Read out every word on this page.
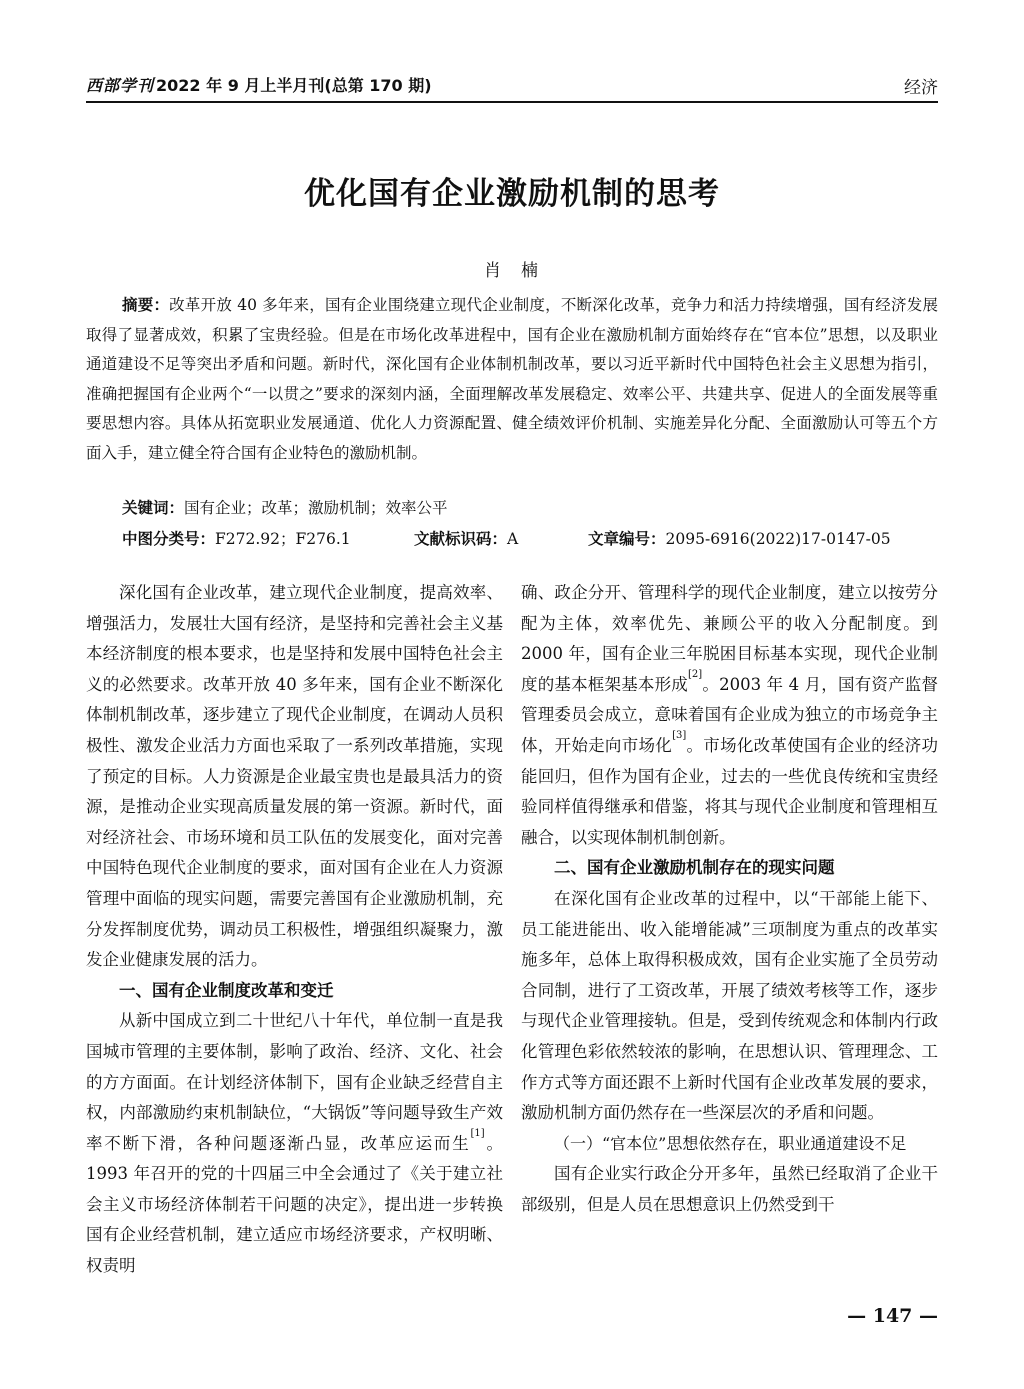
西部学刊 2022 年 9 月上半月刊(总第 170 期)	经济
优化国有企业激励机制的思考
肖楠
摘要：改革开放 40 多年来，国有企业围绕建立现代企业制度，不断深化改革，竞争力和活力持续增强，国有经济发展取得了显著成效，积累了宝贵经验。但是在市场化改革进程中，国有企业在激励机制方面始终存在“官本位”思想，以及职业通道建设不足等突出矛盾和问题。新时代，深化国有企业体制机制改革，要以习近平新时代中国特色社会主义思想为指引，准确把握国有企业两个“一以贯之”要求的深刻内涵，全面理解改革发展稳定、效率公平、共建共享、促进人的全面发展等重要思想内容。具体从拓宽职业发展通道、优化人力资源配置、健全绩效评价机制、实施差异化分配、全面激励认可等五个方面入手，建立健全符合国有企业特色的激励机制。
关键词：国有企业；改革；激励机制；效率公平
中图分类号：F272.92；F276.1	文献标识码：A	文章编号：2095-6916(2022)17-0147-05

深化国有企业改革，建立现代企业制度，提高效率、增强活力，发展壮大国有经济，是坚持和完善社会主义基本经济制度的根本要求，也是坚持和发展中国特色社会主义的必然要求。改革开放 40 多年来，国有企业不断深化体制机制改革，逐步建立了现代企业制度，在调动人员积极性、激发企业活力方面也采取了一系列改革措施，实现了预定的目标。人力资源是企业最宝贵也是最具活力的资源，是推动企业实现高质量发展的第一资源。新时代，面对经济社会、市场环境和员工队伍的发展变化，面对完善中国特色现代企业制度的要求，面对国有企业在人力资源管理中面临的现实问题，需要完善国有企业激励机制，充分发挥制度优势，调动员工积极性，增强组织凝聚力，激发企业健康发展的活力。

一、国有企业制度改革和变迁

从新中国成立到二十世纪八十年代，单位制一直是我国城市管理的主要体制，影响了政治、经济、文化、社会的方方面面。在计划经济体制下，国有企业缺乏经营自主权，内部激励约束机制缺位，“大锅饭”等问题导致生产效率不断下滑，各种问题逐渐凸显，改革应运而生[1]。1993 年召开的党的十四届三中全会通过了《关于建立社会主义市场经济体制若干问题的决定》，提出进一步转换国有企业经营机制，建立适应市场经济要求，产权明晰、权责明

确、政企分开、管理科学的现代企业制度，建立以按劳分配为主体，效率优先、兼顾公平的收入分配制度。到 2000 年，国有企业三年脱困目标基本实现，现代企业制度的基本框架基本形成[2]。2003 年 4 月，国有资产监督管理委员会成立，意味着国有企业成为独立的市场竞争主体，开始走向市场化[3]。市场化改革使国有企业的经济功能回归，但作为国有企业，过去的一些优良传统和宝贵经验同样值得继承和借鉴，将其与现代企业制度和管理相互融合，以实现体制机制创新。

二、国有企业激励机制存在的现实问题

在深化国有企业改革的过程中，以“干部能上能下、员工能进能出、收入能增能减”三项制度为重点的改革实施多年，总体上取得积极成效，国有企业实施了全员劳动合同制，进行了工资改革，开展了绩效考核等工作，逐步与现代企业管理接轨。但是，受到传统观念和体制内行政化管理色彩依然较浓的影响，在思想认识、管理理念、工作方式等方面还跟不上新时代国有企业改革发展的要求，激励机制方面仍然存在一些深层次的矛盾和问题。

（一）“官本位”思想依然存在，职业通道建设不足

国有企业实行政企分开多年，虽然已经取消了企业干部级别，但是人员在思想意识上仍然受到干

— 147 —
